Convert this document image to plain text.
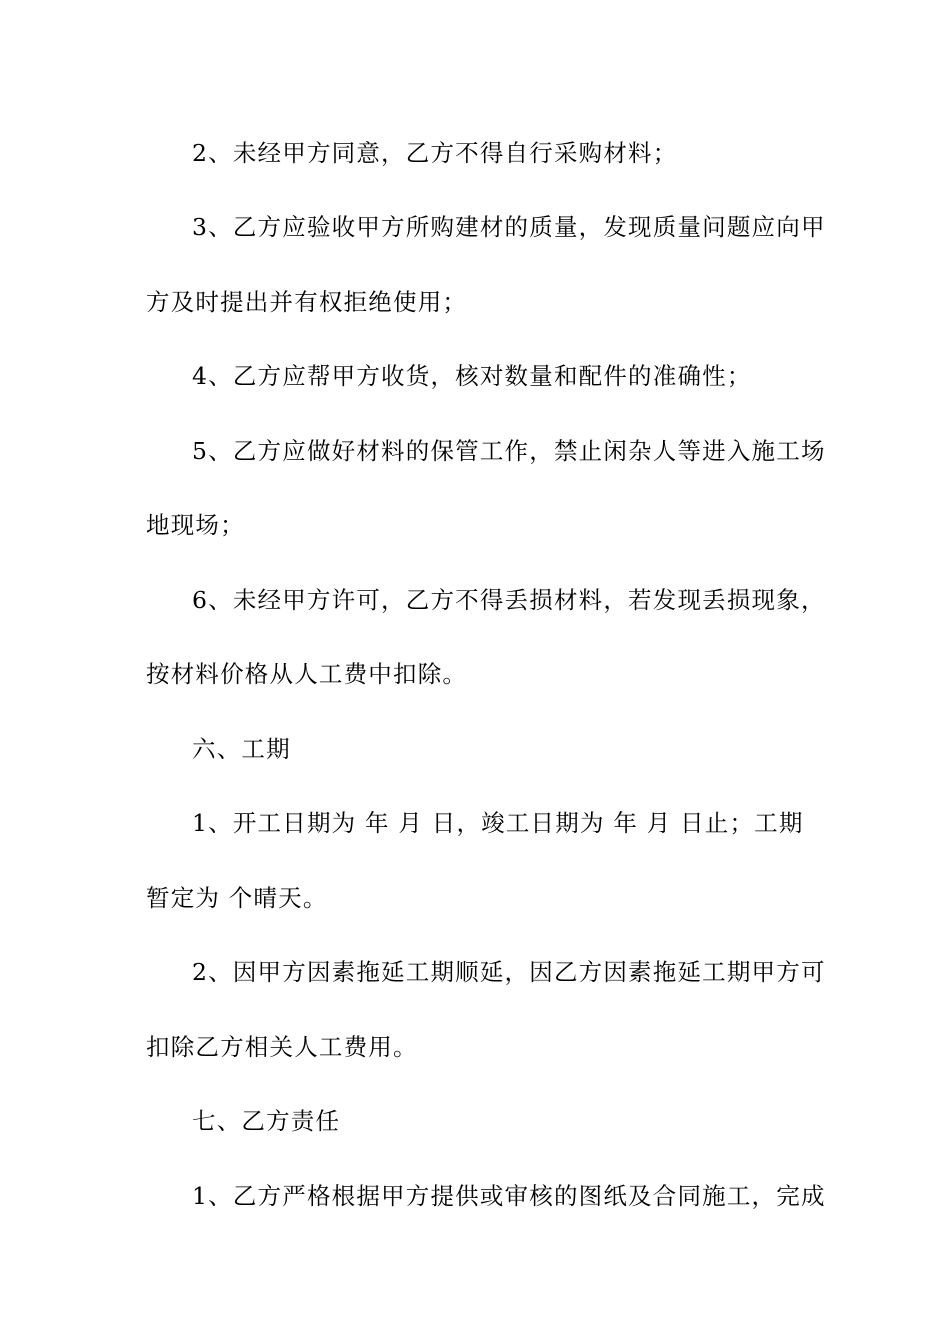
2、未经甲方同意，乙方不得自行采购材料；
3、乙方应验收甲方所购建材的质量，发现质量问题应向甲
方及时提出并有权拒绝使用；
4、乙方应帮甲方收货，核对数量和配件的准确性；
5、乙方应做好材料的保管工作，禁止闲杂人等进入施工场
地现场；
6、未经甲方许可，乙方不得丢损材料，若发现丢损现象，
按材料价格从人工费中扣除。
六、工期
1、开工日期为 年 月 日，竣工日期为 年 月 日止；工期
暂定为 个晴天。
2、因甲方因素拖延工期顺延，因乙方因素拖延工期甲方可
扣除乙方相关人工费用。
七、乙方责任
1、乙方严格根据甲方提供或审核的图纸及合同施工，完成
